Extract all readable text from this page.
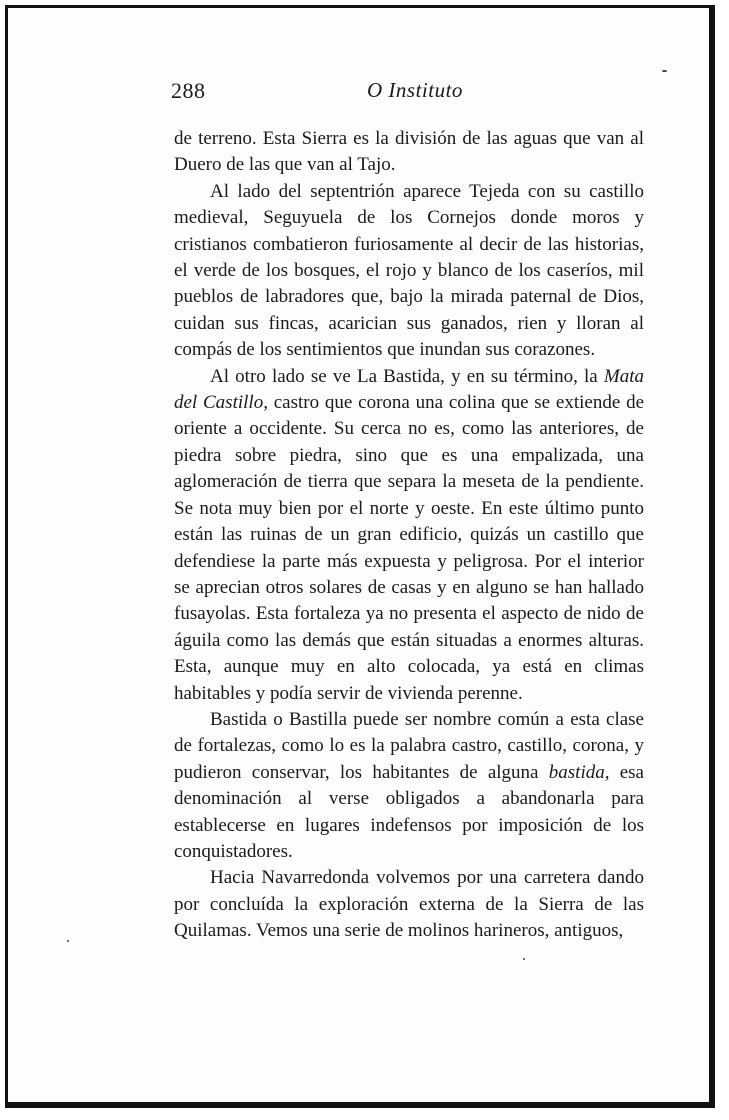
288	O Instituto

de terreno. Esta Sierra es la división de las aguas que van al Duero de las que van al Tajo.

Al lado del septentrión aparece Tejeda con su castillo medieval, Seguyuela de los Cornejos donde moros y cristianos combatieron furiosamente al decir de las historias, el verde de los bosques, el rojo y blanco de los caseríos, mil pueblos de labradores que, bajo la mirada paternal de Dios, cuidan sus fincas, acarician sus ganados, rien y lloran al compás de los sentimientos que inundan sus corazones.

Al otro lado se ve La Bastida, y en su término, la Mata del Castillo, castro que corona una colina que se extiende de oriente a occidente. Su cerca no es, como las anteriores, de piedra sobre piedra, sino que es una empalizada, una aglomeración de tierra que separa la meseta de la pendiente. Se nota muy bien por el norte y oeste. En este último punto están las ruinas de un gran edificio, quizás un castillo que defendiese la parte más expuesta y peligrosa. Por el interior se aprecian otros solares de casas y en alguno se han hallado fusayolas. Esta fortaleza ya no presenta el aspecto de nido de águila como las demás que están situadas a enormes alturas. Esta, aunque muy en alto colocada, ya está en climas habitables y podía servir de vivienda perenne.

Bastida o Bastilla puede ser nombre común a esta clase de fortalezas, como lo es la palabra castro, castillo, corona, y pudieron conservar, los habitantes de alguna bastida, esa denominación al verse obligados a abandonarla para establecerse en lugares indefensos por imposición de los conquistadores.

Hacia Navarredonda volvemos por una carretera dando por concluída la exploración externa de la Sierra de las Quilamas. Vemos una serie de molinos harineros, antiguos,
